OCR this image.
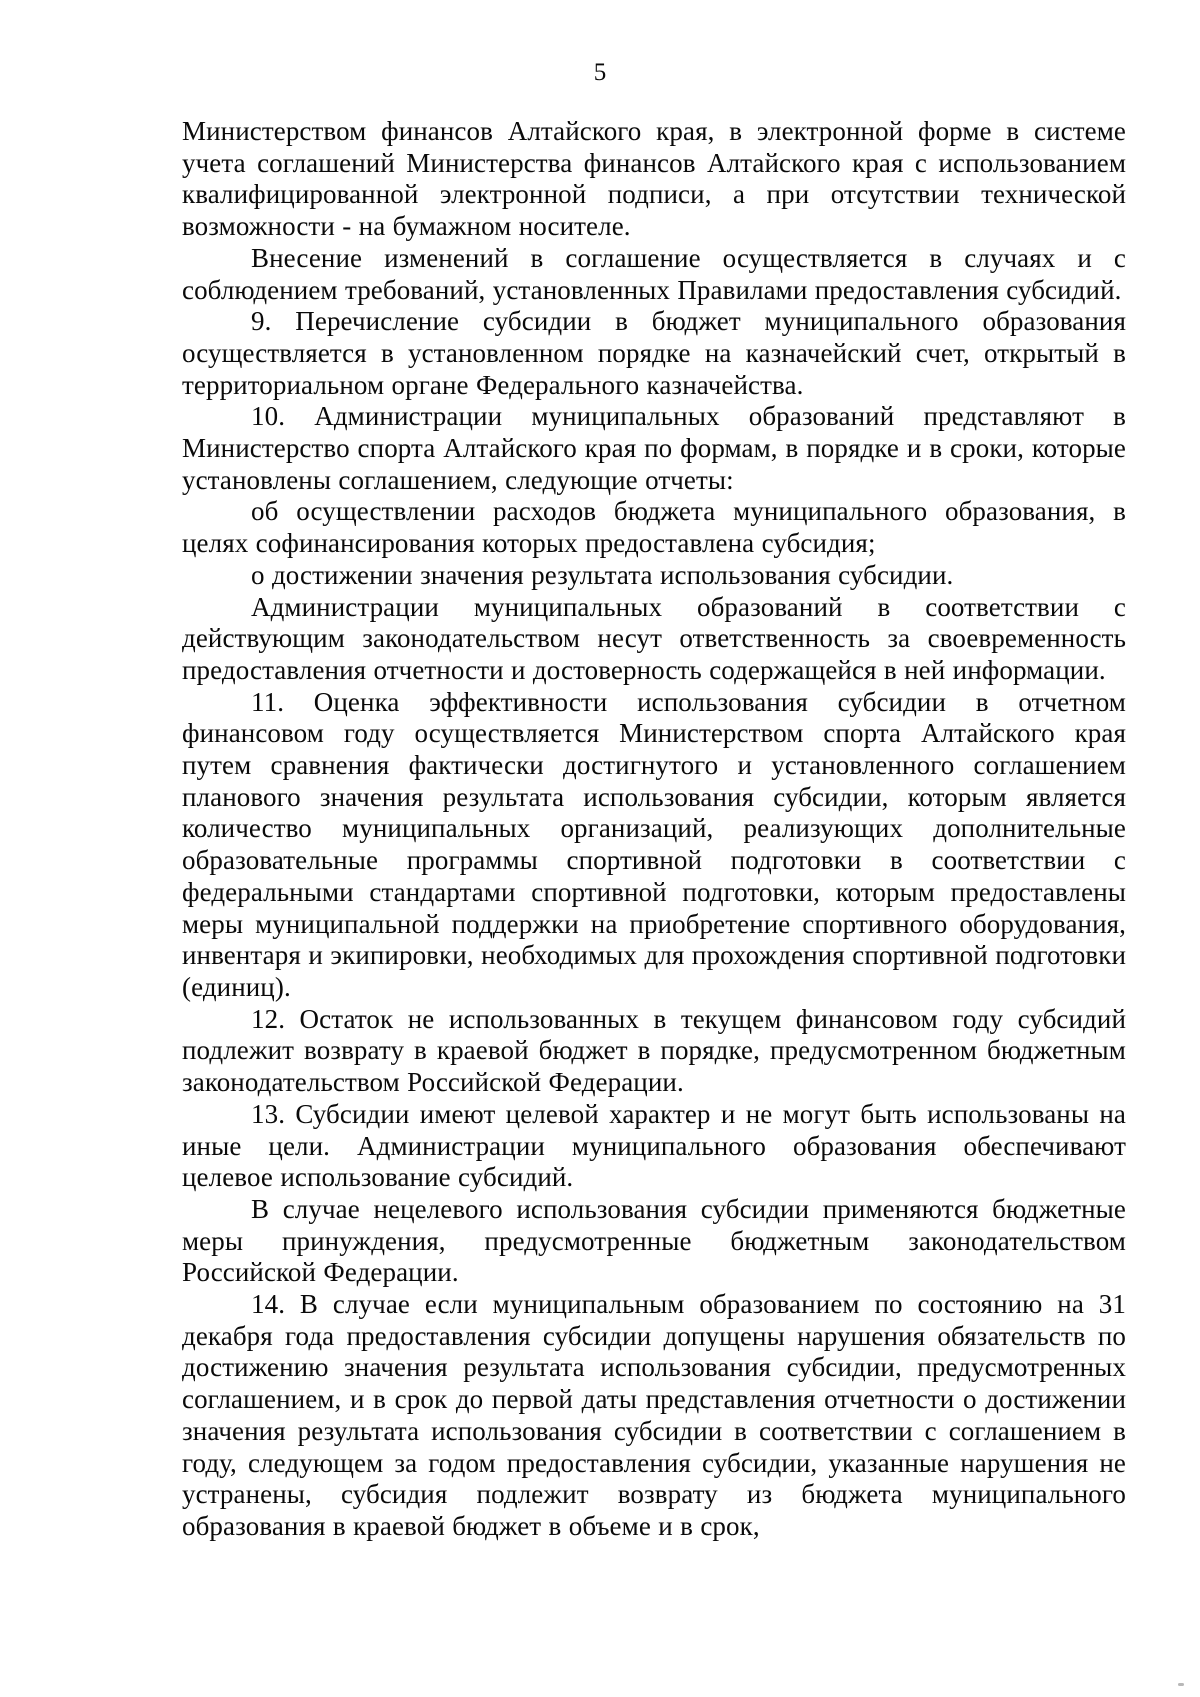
5

Министерством финансов Алтайского края, в электронной форме в системе учета соглашений Министерства финансов Алтайского края с использованием квалифицированной электронной подписи, а при отсутствии технической возможности - на бумажном носителе.

Внесение изменений в соглашение осуществляется в случаях и с соблюдением требований, установленных Правилами предоставления субсидий.

9. Перечисление субсидии в бюджет муниципального образования осуществляется в установленном порядке на казначейский счет, открытый в территориальном органе Федерального казначейства.

10. Администрации муниципальных образований представляют в Министерство спорта Алтайского края по формам, в порядке и в сроки, которые установлены соглашением, следующие отчеты:

об осуществлении расходов бюджета муниципального образования, в целях софинансирования которых предоставлена субсидия;

о достижении значения результата использования субсидии.

Администрации муниципальных образований в соответствии с действующим законодательством несут ответственность за своевременность предоставления отчетности и достоверность содержащейся в ней информации.

11. Оценка эффективности использования субсидии в отчетном финансовом году осуществляется Министерством спорта Алтайского края путем сравнения фактически достигнутого и установленного соглашением планового значения результата использования субсидии, которым является количество муниципальных организаций, реализующих дополнительные образовательные программы спортивной подготовки в соответствии с федеральными стандартами спортивной подготовки, которым предоставлены меры муниципальной поддержки на приобретение спортивного оборудования, инвентаря и экипировки, необходимых для прохождения спортивной подготовки (единиц).

12. Остаток не использованных в текущем финансовом году субсидий подлежит возврату в краевой бюджет в порядке, предусмотренном бюджетным законодательством Российской Федерации.

13. Субсидии имеют целевой характер и не могут быть использованы на иные цели. Администрации муниципального образования обеспечивают целевое использование субсидий.

В случае нецелевого использования субсидии применяются бюджетные меры принуждения, предусмотренные бюджетным законодательством Российской Федерации.

14. В случае если муниципальным образованием по состоянию на 31 декабря года предоставления субсидии допущены нарушения обязательств по достижению значения результата использования субсидии, предусмотренных соглашением, и в срок до первой даты представления отчетности о достижении значения результата использования субсидии в соответствии с соглашением в году, следующем за годом предоставления субсидии, указанные нарушения не устранены, субсидия подлежит возврату из бюджета муниципального образования в краевой бюджет в объеме и в срок,
